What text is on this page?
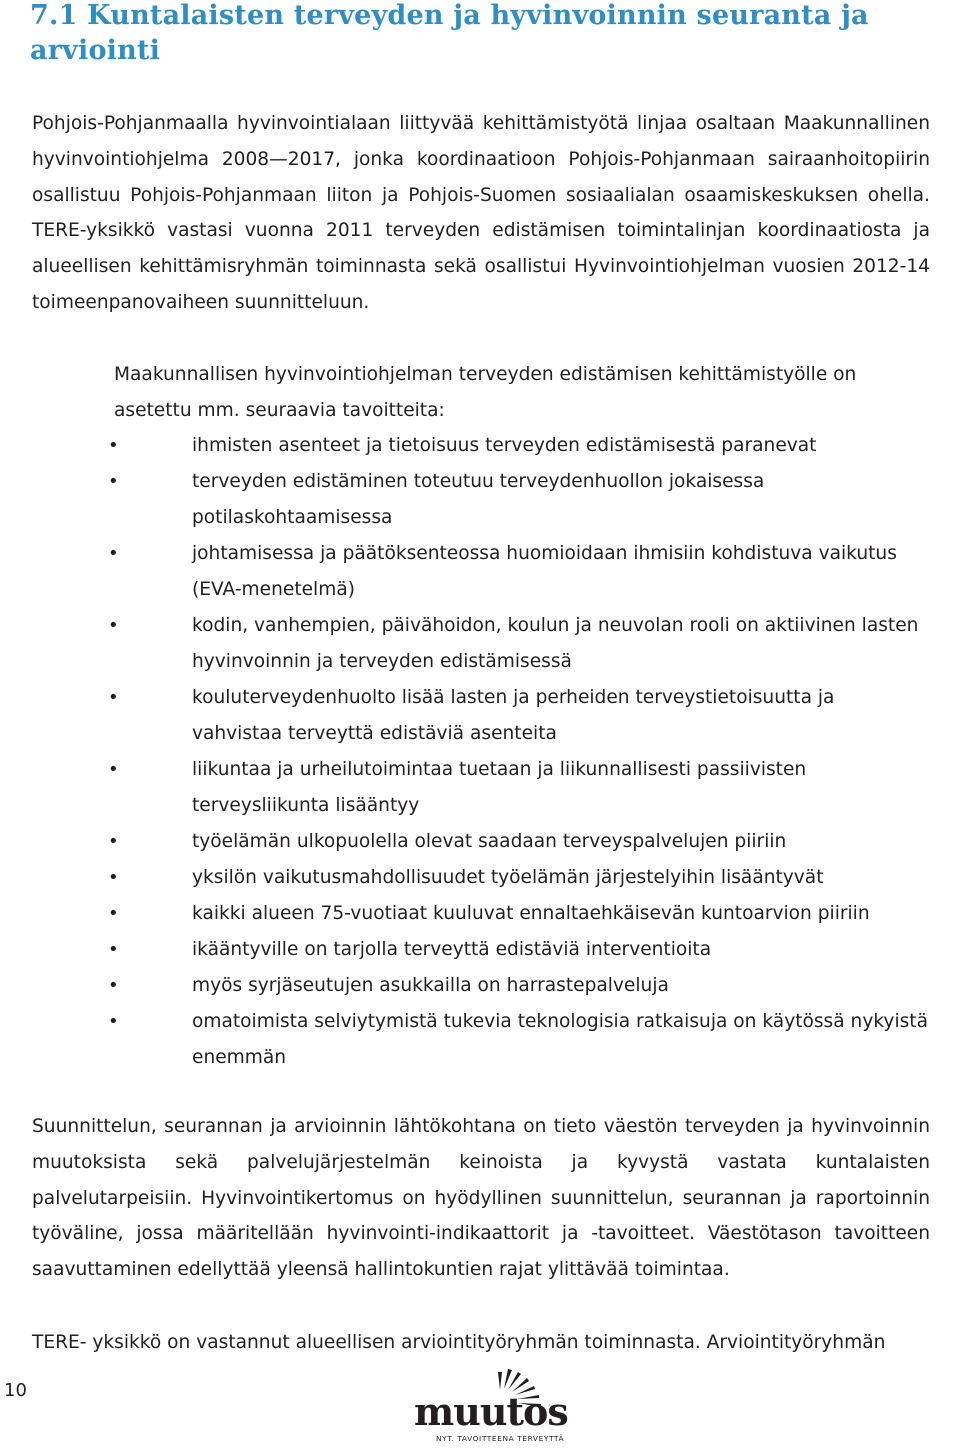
7.1 Kuntalaisten terveyden ja hyvinvoinnin seuranta ja arviointi

Pohjois-Pohjanmaalla hyvinvointialaan liittyvää kehittämistyötä linjaa osaltaan Maakunnallinen hyvinvointiohjelma 2008—2017, jonka koordinaatioon Pohjois-Pohjanmaan sairaanhoitopiirin osallistuu Pohjois-Pohjanmaan liiton ja Pohjois-Suomen sosiaalialan osaamiskeskuksen ohella. TERE-yksikkö vastasi vuonna 2011 terveyden edistämisen toimintalinjan koordinaatiosta ja alueellisen kehittämisryhmän toiminnasta sekä osallistui Hyvinvointiohjelman vuosien 2012-14 toimeenpanovaiheen suunnitteluun.

Maakunnallisen hyvinvointiohjelman terveyden edistämisen kehittämistyölle on asetettu mm. seuraavia tavoitteita:

•	ihmisten asenteet ja tietoisuus terveyden edistämisestä paranevat
•	terveyden edistäminen toteutuu terveydenhuollon jokaisessa potilaskohtaamisessa
•	johtamisessa ja päätöksenteossa huomioidaan ihmisiin kohdistuva vaikutus (EVA-menetelmä)
•	kodin, vanhempien, päivähoidon, koulun ja neuvolan rooli on aktiivinen lasten hyvinvoinnin ja terveyden edistämisessä
•	kouluterveydenhuolto lisää lasten ja perheiden terveystietoisuutta ja vahvistaa terveyttä edistäviä asenteita
•	liikuntaa ja urheilutoimintaa tuetaan ja liikunnallisesti passiivisten terveysliikunta lisääntyy
•	työelämän ulkopuolella olevat saadaan terveyspalvelujen piiriin
•	yksilön vaikutusmahdollisuudet työelämän järjestelyihin lisääntyvät
•	kaikki alueen 75-vuotiaat kuuluvat ennaltaehkäisevän kuntoarvion piiriin
•	ikääntyville on tarjolla terveyttä edistäviä interventioita
•	myös syrjäseutujen asukkailla on harrastepalveluja
•	omatoimista selviytymistä tukevia teknologisia ratkaisuja on käytössä nykyistä enemmän

Suunnittelun, seurannan ja arvioinnin lähtökohtana on tieto väestön terveyden ja hyvinvoinnin muutoksista sekä palvelujärjestelmän keinoista ja kyvystä vastata kuntalaisten palvelutarpeisiin. Hyvinvointikertomus on hyödyllinen suunnittelun, seurannan ja raportoinnin työväline, jossa määritellään hyvinvointi-indikaattorit ja -tavoitteet. Väestötason tavoitteen saavuttaminen edellyttää yleensä hallintokuntien rajat ylittävää toimintaa.

TERE- yksikkö on vastannut alueellisen arviointityöryhmän toiminnasta. Arviointityöryhmän

10	muutos
NYT. TAVOITTEENA TERVEYTTÄ
